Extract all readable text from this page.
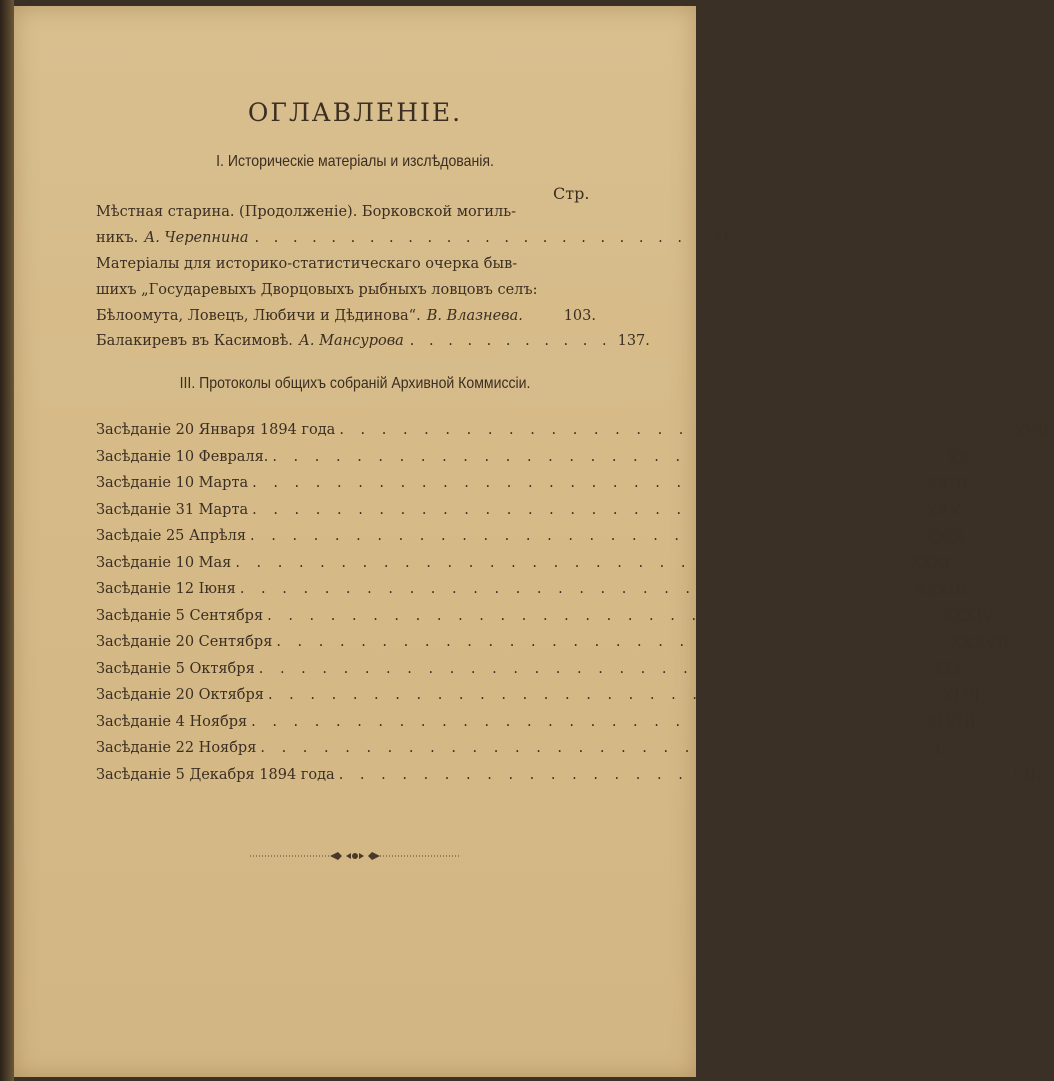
ОГЛАВЛЕНІЕ.
I. Историческіе матеріалы и изслѣдованія.
Стр.
Мѣстная старина. (Продолженіе). Борковской могиль-
никъ. А. Черепнина . . . . . . . . . . . . . . . . . . . . . . . . 71.
Матеріалы для историко-статистическаго очерка быв-
шихъ „Государевыхъ Дворцовыхъ рыбныхъ ловцовъ селъ:
Бѣлоомута, Ловецъ, Любичи и Дѣдинова“. В. Влазнева.	103.
Балакиревъ въ Касимовѣ. А. Мансурова . . . . . . . . . . . 137.
III. Протоколы общихъ собраній Архивной Коммиссіи.
Засѣданіе 20 Января 1894 года . . . . . . . . . . . . . . . . . . . . . . . . . . . . . . . . XVII.
Засѣданіе 10 Февраля. . . . . . . . . . . . . . . . . . . . . . . . . . . . . . . . . XX.
Засѣданіе 10 Марта . . . . . . . . . . . . . . . . . . . . . . . . . . . . . . . . XXIII.
Засѣданіе 31 Марта . . . . . . . . . . . . . . . . . . . . . . . . . . . . . . . . XXV.
Засѣдаіе 25 Апрѣля . . . . . . . . . . . . . . . . . . . . . . . . . . . . . . . . XXIX.
Засѣданіе 10 Мая . . . . . . . . . . . . . . . . . . . . . . . . . . . . . . . . XXXI.
Засѣданіе 12 Іюня . . . . . . . . . . . . . . . . . . . . . . . . . . . . . . . . XXXIII.
Засѣданіе 5 Сентября . . . . . . . . . . . . . . . . . . . . . . . . . . . . . . . . XXXIV.
Засѣданіе 20 Сентября . . . . . . . . . . . . . . . . . . . . . . . . . . . . . . . . XXXVII.
Засѣданіе 5 Октября . . . . . . . . . . . . . . . . . . . . . . . . . . . . . . . . XLI.
Засѣданіе 20 Октября . . . . . . . . . . . . . . . . . . . . . . . . . . . . . . . . XLVI.
Засѣданіе 4 Ноября . . . . . . . . . . . . . . . . . . . . . . . . . . . . . . . . XLVIII.
Засѣданіе 22 Ноября . . . . . . . . . . . . . . . . . . . . . . . . . . . . . . . . L.
Засѣданіе 5 Декабря 1894 года . . . . . . . . . . . . . . . . . . . . . . . . . . . . . . . . LII.
